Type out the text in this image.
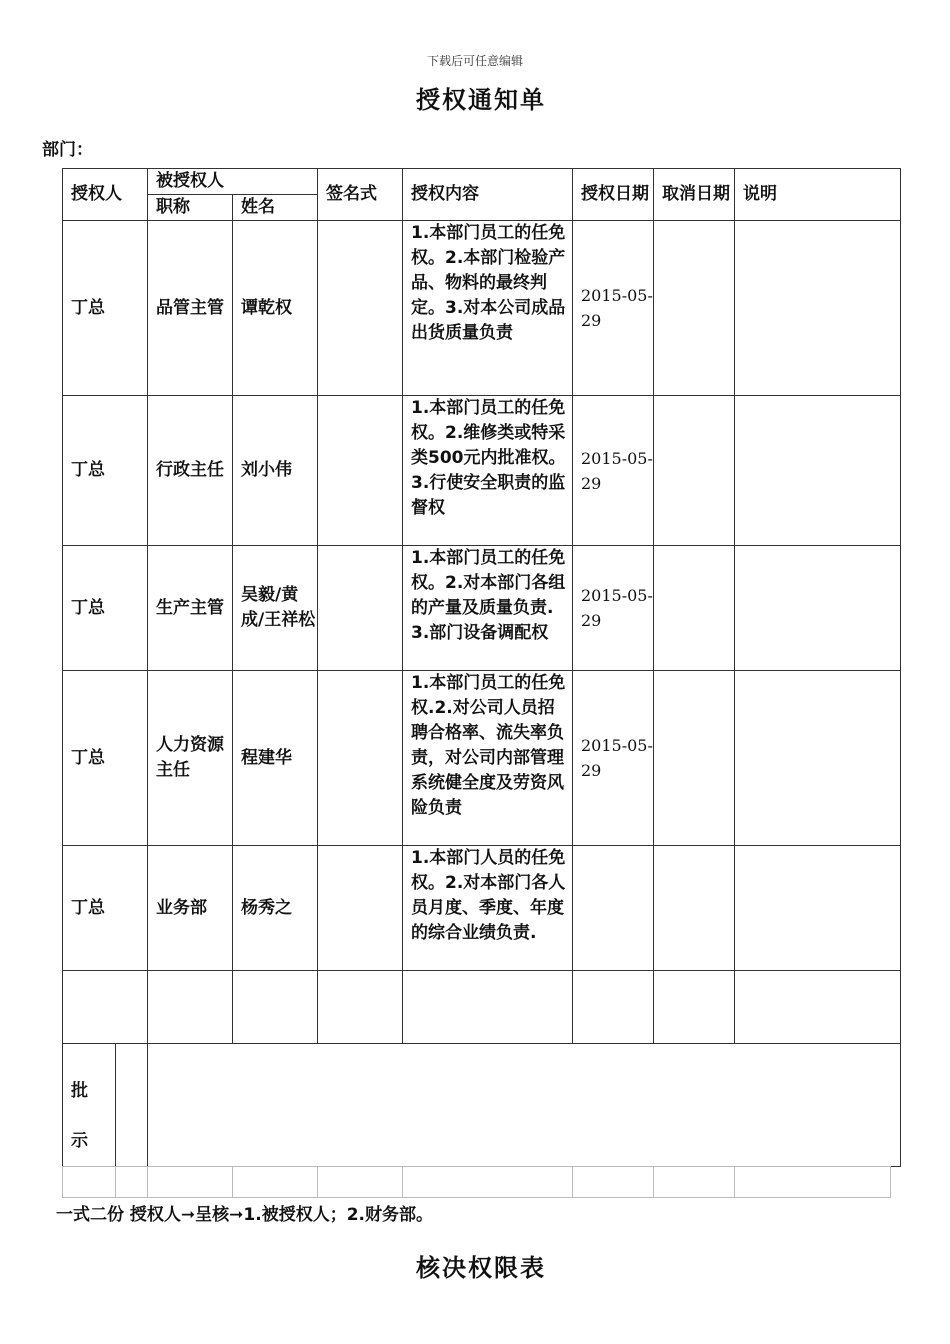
下载后可任意编辑
授权通知单
部门：
授权人	被授权人		签名式	授权内容	授权日期	取消日期	说明
	职称	姓名					
丁总	品管主管	谭乾权		1.本部门员工的任免权。2.本部门检验产品、物料的最终判定。3.对本公司成品出货质量负责	2015-05-29		
丁总	行政主任	刘小伟		1.本部门员工的任免权。2.维修类或特采类500元内批准权。3.行使安全职责的监督权	2015-05-29		
丁总	生产主管	吴毅/黄成/王祥松		1.本部门员工的任免权。2.对本部门各组的产量及质量负责.3.部门设备调配权	2015-05-29		
丁总	人力资源主任	程建华		1.本部门员工的任免权.2.对公司人员招聘合格率、流失率负责，对公司内部管理系统健全度及劳资风险负责	2015-05-29		
丁总	业务部	杨秀之		1.本部门人员的任免权。2.对本部门各人员月度、季度、年度的综合业绩负责.			

批示							

一式二份 授权人➞呈核➞1.被授权人；2.财务部。
核决权限表
